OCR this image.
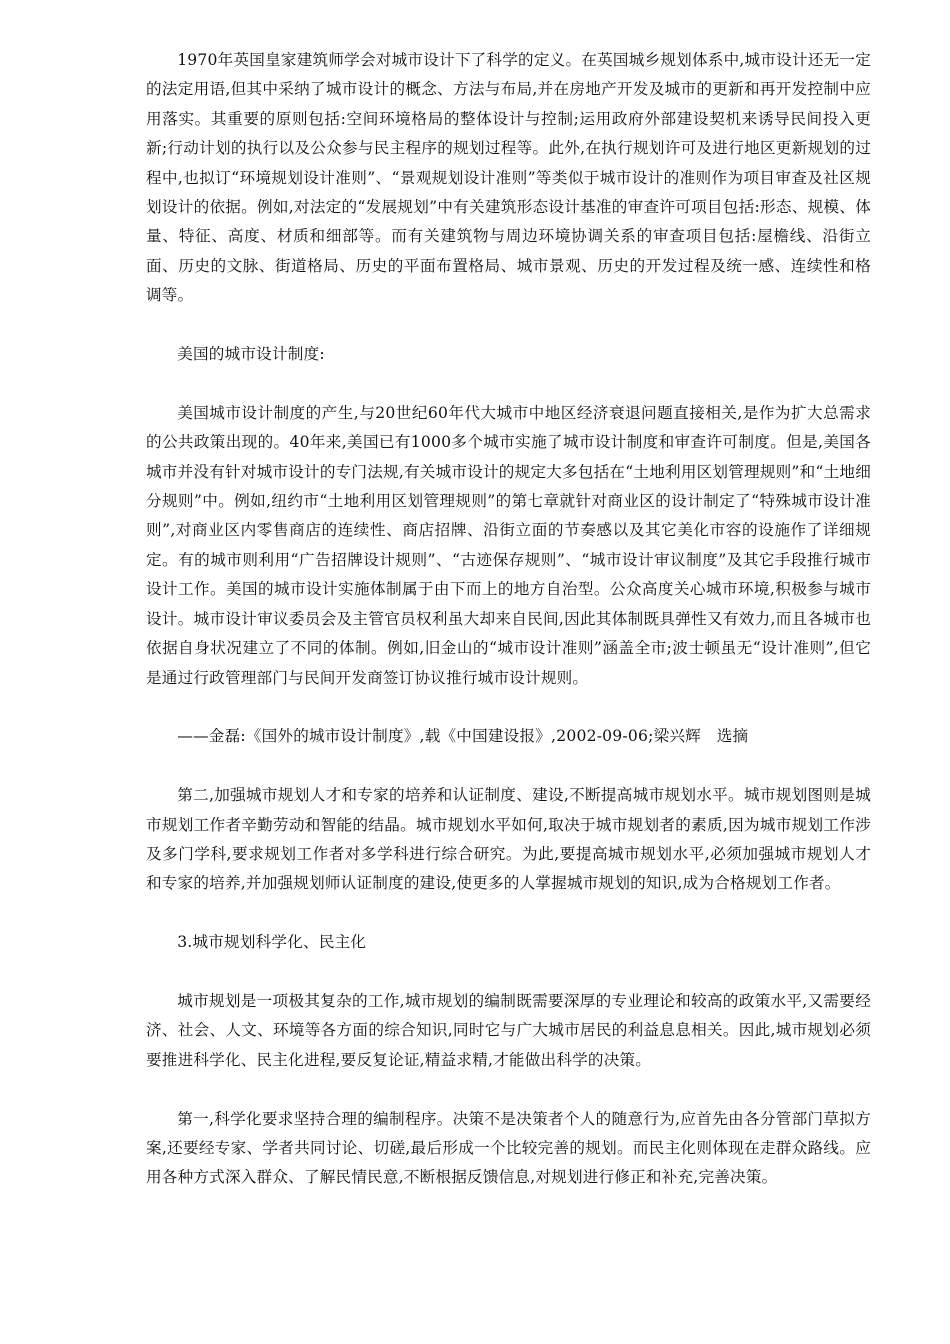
1970年英国皇家建筑师学会对城市设计下了科学的定义。在英国城乡规划体系中,城市设计还无一定的法定用语,但其中采纳了城市设计的概念、方法与布局,并在房地产开发及城市的更新和再开发控制中应用落实。其重要的原则包括:空间环境格局的整体设计与控制;运用政府外部建设契机来诱导民间投入更新;行动计划的执行以及公众参与民主程序的规划过程等。此外,在执行规划许可及进行地区更新规划的过程中,也拟订“环境规划设计准则”、“景观规划设计准则”等类似于城市设计的准则作为项目审查及社区规划设计的依据。例如,对法定的“发展规划”中有关建筑形态设计基准的审查许可项目包括:形态、规模、体量、特征、高度、材质和细部等。而有关建筑物与周边环境协调关系的审查项目包括:屋檐线、沿街立面、历史的文脉、街道格局、历史的平面布置格局、城市景观、历史的开发过程及统一感、连续性和格调等。

美国的城市设计制度:

美国城市设计制度的产生,与20世纪60年代大城市中地区经济衰退问题直接相关,是作为扩大总需求的公共政策出现的。40年来,美国已有1000多个城市实施了城市设计制度和审查许可制度。但是,美国各城市并没有针对城市设计的专门法规,有关城市设计的规定大多包括在“土地利用区划管理规则”和“土地细分规则”中。例如,纽约市“土地利用区划管理规则”的第七章就针对商业区的设计制定了“特殊城市设计准则”,对商业区内零售商店的连续性、商店招牌、沿街立面的节奏感以及其它美化市容的设施作了详细规定。有的城市则利用“广告招牌设计规则”、“古迹保存规则”、“城市设计审议制度”及其它手段推行城市设计工作。美国的城市设计实施体制属于由下而上的地方自治型。公众高度关心城市环境,积极参与城市设计。城市设计审议委员会及主管官员权利虽大却来自民间,因此其体制既具弹性又有效力,而且各城市也依据自身状况建立了不同的体制。例如,旧金山的“城市设计准则”涵盖全市;波士顿虽无“设计准则”,但它是通过行政管理部门与民间开发商签订协议推行城市设计规则。

——金磊:《国外的城市设计制度》,载《中国建设报》,2002-09-06;梁兴辉　选摘

第二,加强城市规划人才和专家的培养和认证制度、建设,不断提高城市规划水平。城市规划图则是城市规划工作者辛勤劳动和智能的结晶。城市规划水平如何,取决于城市规划者的素质,因为城市规划工作涉及多门学科,要求规划工作者对多学科进行综合研究。为此,要提高城市规划水平,必须加强城市规划人才和专家的培养,并加强规划师认证制度的建设,使更多的人掌握城市规划的知识,成为合格规划工作者。

3.城市规划科学化、民主化

城市规划是一项极其复杂的工作,城市规划的编制既需要深厚的专业理论和较高的政策水平,又需要经济、社会、人文、环境等各方面的综合知识,同时它与广大城市居民的利益息息相关。因此,城市规划必须要推进科学化、民主化进程,要反复论证,精益求精,才能做出科学的决策。

第一,科学化要求坚持合理的编制程序。决策不是决策者个人的随意行为,应首先由各分管部门草拟方案,还要经专家、学者共同讨论、切磋,最后形成一个比较完善的规划。而民主化则体现在走群众路线。应用各种方式深入群众、了解民情民意,不断根据反馈信息,对规划进行修正和补充,完善决策。
